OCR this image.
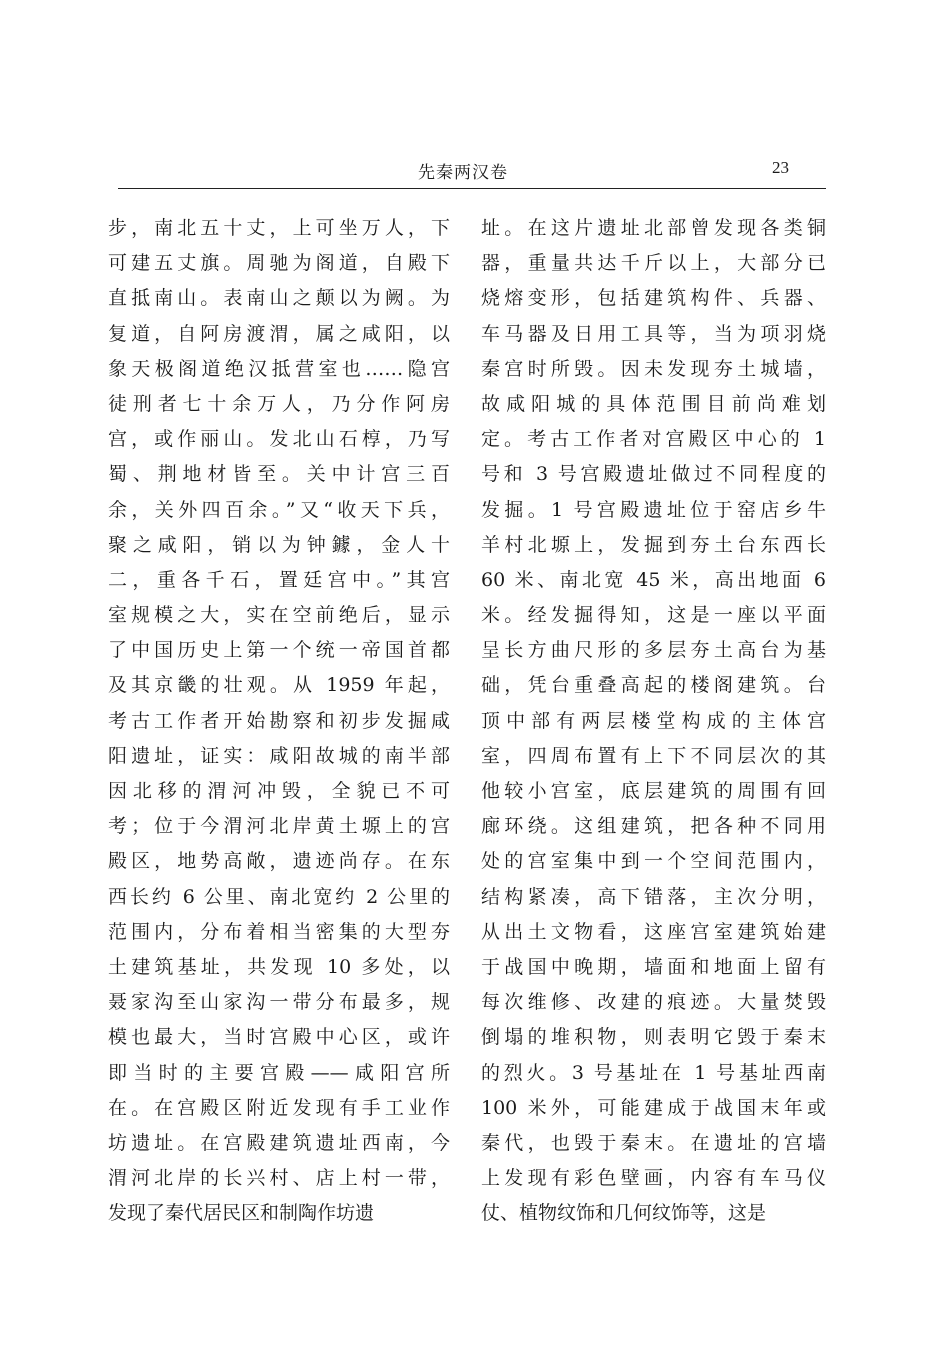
先秦两汉卷	23
步，南北五十丈，上可坐万人，下
可建五丈旗。周驰为阁道，自殿下
直抵南山。表南山之颠以为阙。为
复道，自阿房渡渭，属之咸阳，以
象天极阁道绝汉抵营室也……隐宫
徒刑者七十余万人，乃分作阿房
宫，或作丽山。发北山石椁，乃写
蜀、荆地材皆至。关中计宫三百
余，关外四百余。”又“收天下兵，
聚之咸阳，销以为钟鐻，金人十
二，重各千石，置廷宫中。”其宫
室规模之大，实在空前绝后，显示
了中国历史上第一个统一帝国首都
及其京畿的壮观。从 1959 年起，
考古工作者开始勘察和初步发掘咸
阳遗址，证实：咸阳故城的南半部
因北移的渭河冲毁，全貌已不可
考；位于今渭河北岸黄土塬上的宫
殿区，地势高敞，遗迹尚存。在东
西长约 6 公里、南北宽约 2 公里的
范围内，分布着相当密集的大型夯
土建筑基址，共发现 10 多处，以
聂家沟至山家沟一带分布最多，规
模也最大，当时宫殿中心区，或许
即当时的主要宫殿——咸阳宫所
在。在宫殿区附近发现有手工业作
坊遗址。在宫殿建筑遗址西南，今
渭河北岸的长兴村、店上村一带，
发现了秦代居民区和制陶作坊遗
址。在这片遗址北部曾发现各类铜
器，重量共达千斤以上，大部分已
烧熔变形，包括建筑构件、兵器、
车马器及日用工具等，当为项羽烧
秦宫时所毁。因未发现夯土城墙，
故咸阳城的具体范围目前尚难划
定。考古工作者对宫殿区中心的 1
号和 3 号宫殿遗址做过不同程度的
发掘。1 号宫殿遗址位于窑店乡牛
羊村北塬上，发掘到夯土台东西长
60 米、南北宽 45 米，高出地面 6
米。经发掘得知，这是一座以平面
呈长方曲尺形的多层夯土高台为基
础，凭台重叠高起的楼阁建筑。台
顶中部有两层楼堂构成的主体宫
室，四周布置有上下不同层次的其
他较小宫室，底层建筑的周围有回
廊环绕。这组建筑，把各种不同用
处的宫室集中到一个空间范围内，
结构紧凑，高下错落，主次分明，
从出土文物看，这座宫室建筑始建
于战国中晚期，墙面和地面上留有
每次维修、改建的痕迹。大量焚毁
倒塌的堆积物，则表明它毁于秦末
的烈火。3 号基址在 1 号基址西南
100 米外，可能建成于战国末年或
秦代，也毁于秦末。在遗址的宫墙
上发现有彩色壁画，内容有车马仪
仗、植物纹饰和几何纹饰等，这是
